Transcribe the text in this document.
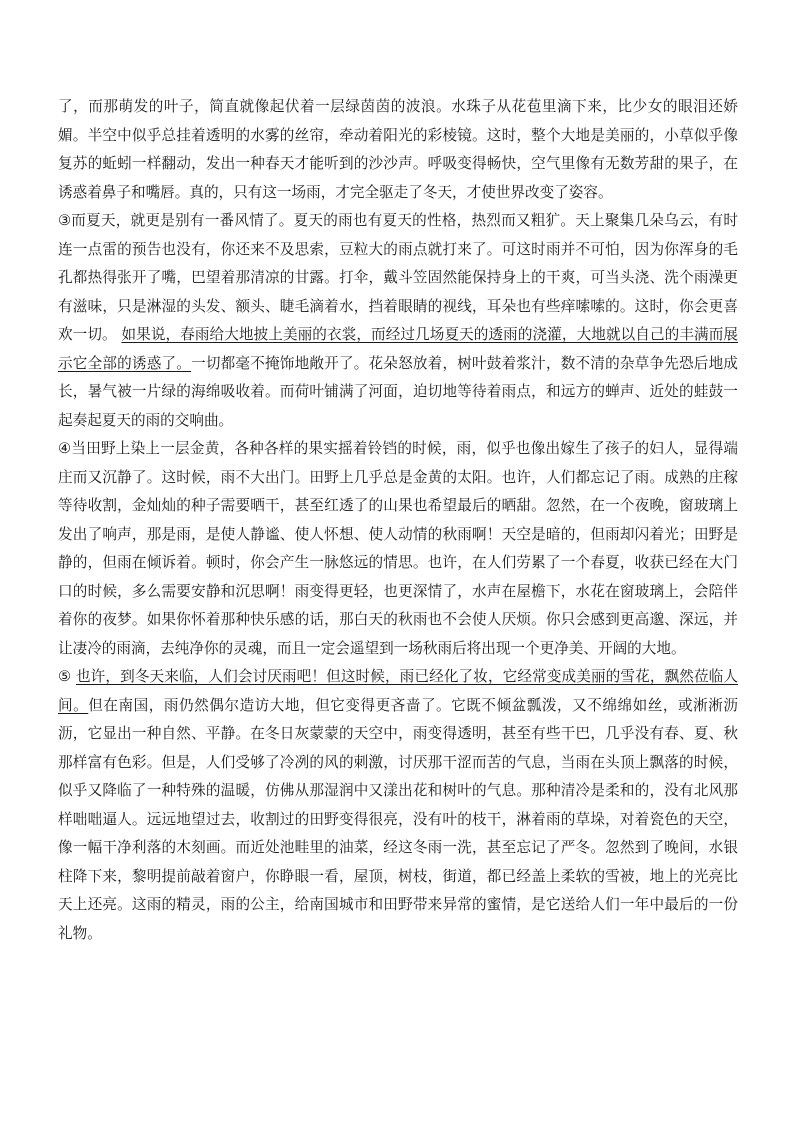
了，而那萌发的叶子，简直就像起伏着一层绿茵茵的波浪。水珠子从花苞里滴下来，比少女的眼泪还娇媚。半空中似乎总挂着透明的水雾的丝帘，牵动着阳光的彩棱镜。这时，整个大地是美丽的，小草似乎像复苏的蚯蚓一样翻动，发出一种春天才能听到的沙沙声。呼吸变得畅快，空气里像有无数芳甜的果子，在诱惑着鼻子和嘴唇。真的，只有这一场雨，才完全驱走了冬天，才使世界改变了姿容。

③而夏天，就更是别有一番风情了。夏天的雨也有夏天的性格，热烈而又粗犷。天上聚集几朵乌云，有时连一点雷的预告也没有，你还来不及思索，豆粒大的雨点就打来了。可这时雨并不可怕，因为你浑身的毛孔都热得张开了嘴，巴望着那清凉的甘露。打伞，戴斗笠固然能保持身上的干爽，可当头浇、洗个雨澡更有滋味，只是淋湿的头发、额头、睫毛滴着水，挡着眼睛的视线，耳朵也有些痒嗦嗦的。这时，你会更喜欢一切。 如果说，春雨给大地披上美丽的衣裳，而经过几场夏天的透雨的浇灌，大地就以自己的丰满而展示它全部的诱惑了。一切都毫不掩饰地敞开了。花朵怒放着，树叶鼓着浆汁，数不清的杂草争先恐后地成长，暑气被一片绿的海绵吸收着。而荷叶铺满了河面，迫切地等待着雨点，和远方的蝉声、近处的蛙鼓一起奏起夏天的雨的交响曲。

④当田野上染上一层金黄，各种各样的果实摇着铃铛的时候，雨，似乎也像出嫁生了孩子的妇人，显得端庄而又沉静了。这时候，雨不大出门。田野上几乎总是金黄的太阳。也许，人们都忘记了雨。成熟的庄稼等待收割，金灿灿的种子需要晒干，甚至红透了的山果也希望最后的晒甜。忽然，在一个夜晚，窗玻璃上发出了响声，那是雨，是使人静谧、使人怀想、使人动情的秋雨啊！天空是暗的，但雨却闪着光；田野是静的，但雨在倾诉着。顿时，你会产生一脉悠远的情思。也许，在人们劳累了一个春夏，收获已经在大门口的时候，多么需要安静和沉思啊！雨变得更轻，也更深情了，水声在屋檐下，水花在窗玻璃上，会陪伴着你的夜梦。如果你怀着那种快乐感的话，那白天的秋雨也不会使人厌烦。你只会感到更高邈、深远，并让凄冷的雨滴，去纯净你的灵魂，而且一定会遥望到一场秋雨后将出现一个更净美、开阔的大地。

⑤ 也许，到冬天来临，人们会讨厌雨吧！但这时候，雨已经化了妆，它经常变成美丽的雪花，飘然莅临人间。但在南国，雨仍然偶尔造访大地，但它变得更吝啬了。它既不倾盆瓢泼，又不绵绵如丝，或淅淅沥沥，它显出一种自然、平静。在冬日灰蒙蒙的天空中，雨变得透明，甚至有些干巴，几乎没有春、夏、秋那样富有色彩。但是，人们受够了冷冽的风的刺激，讨厌那干涩而苦的气息，当雨在头顶上飘落的时候，似乎又降临了一种特殊的温暖，仿佛从那湿润中又漾出花和树叶的气息。那种清冷是柔和的，没有北风那样咄咄逼人。远远地望过去，收割过的田野变得很亮，没有叶的枝干，淋着雨的草垛，对着瓷色的天空，像一幅干净利落的木刻画。而近处池畦里的油菜，经这冬雨一洗，甚至忘记了严冬。忽然到了晚间，水银柱降下来，黎明提前敲着窗户，你睁眼一看，屋顶，树枝，街道，都已经盖上柔软的雪被，地上的光亮比天上还亮。这雨的精灵，雨的公主，给南国城市和田野带来异常的蜜情，是它送给人们一年中最后的一份礼物。
